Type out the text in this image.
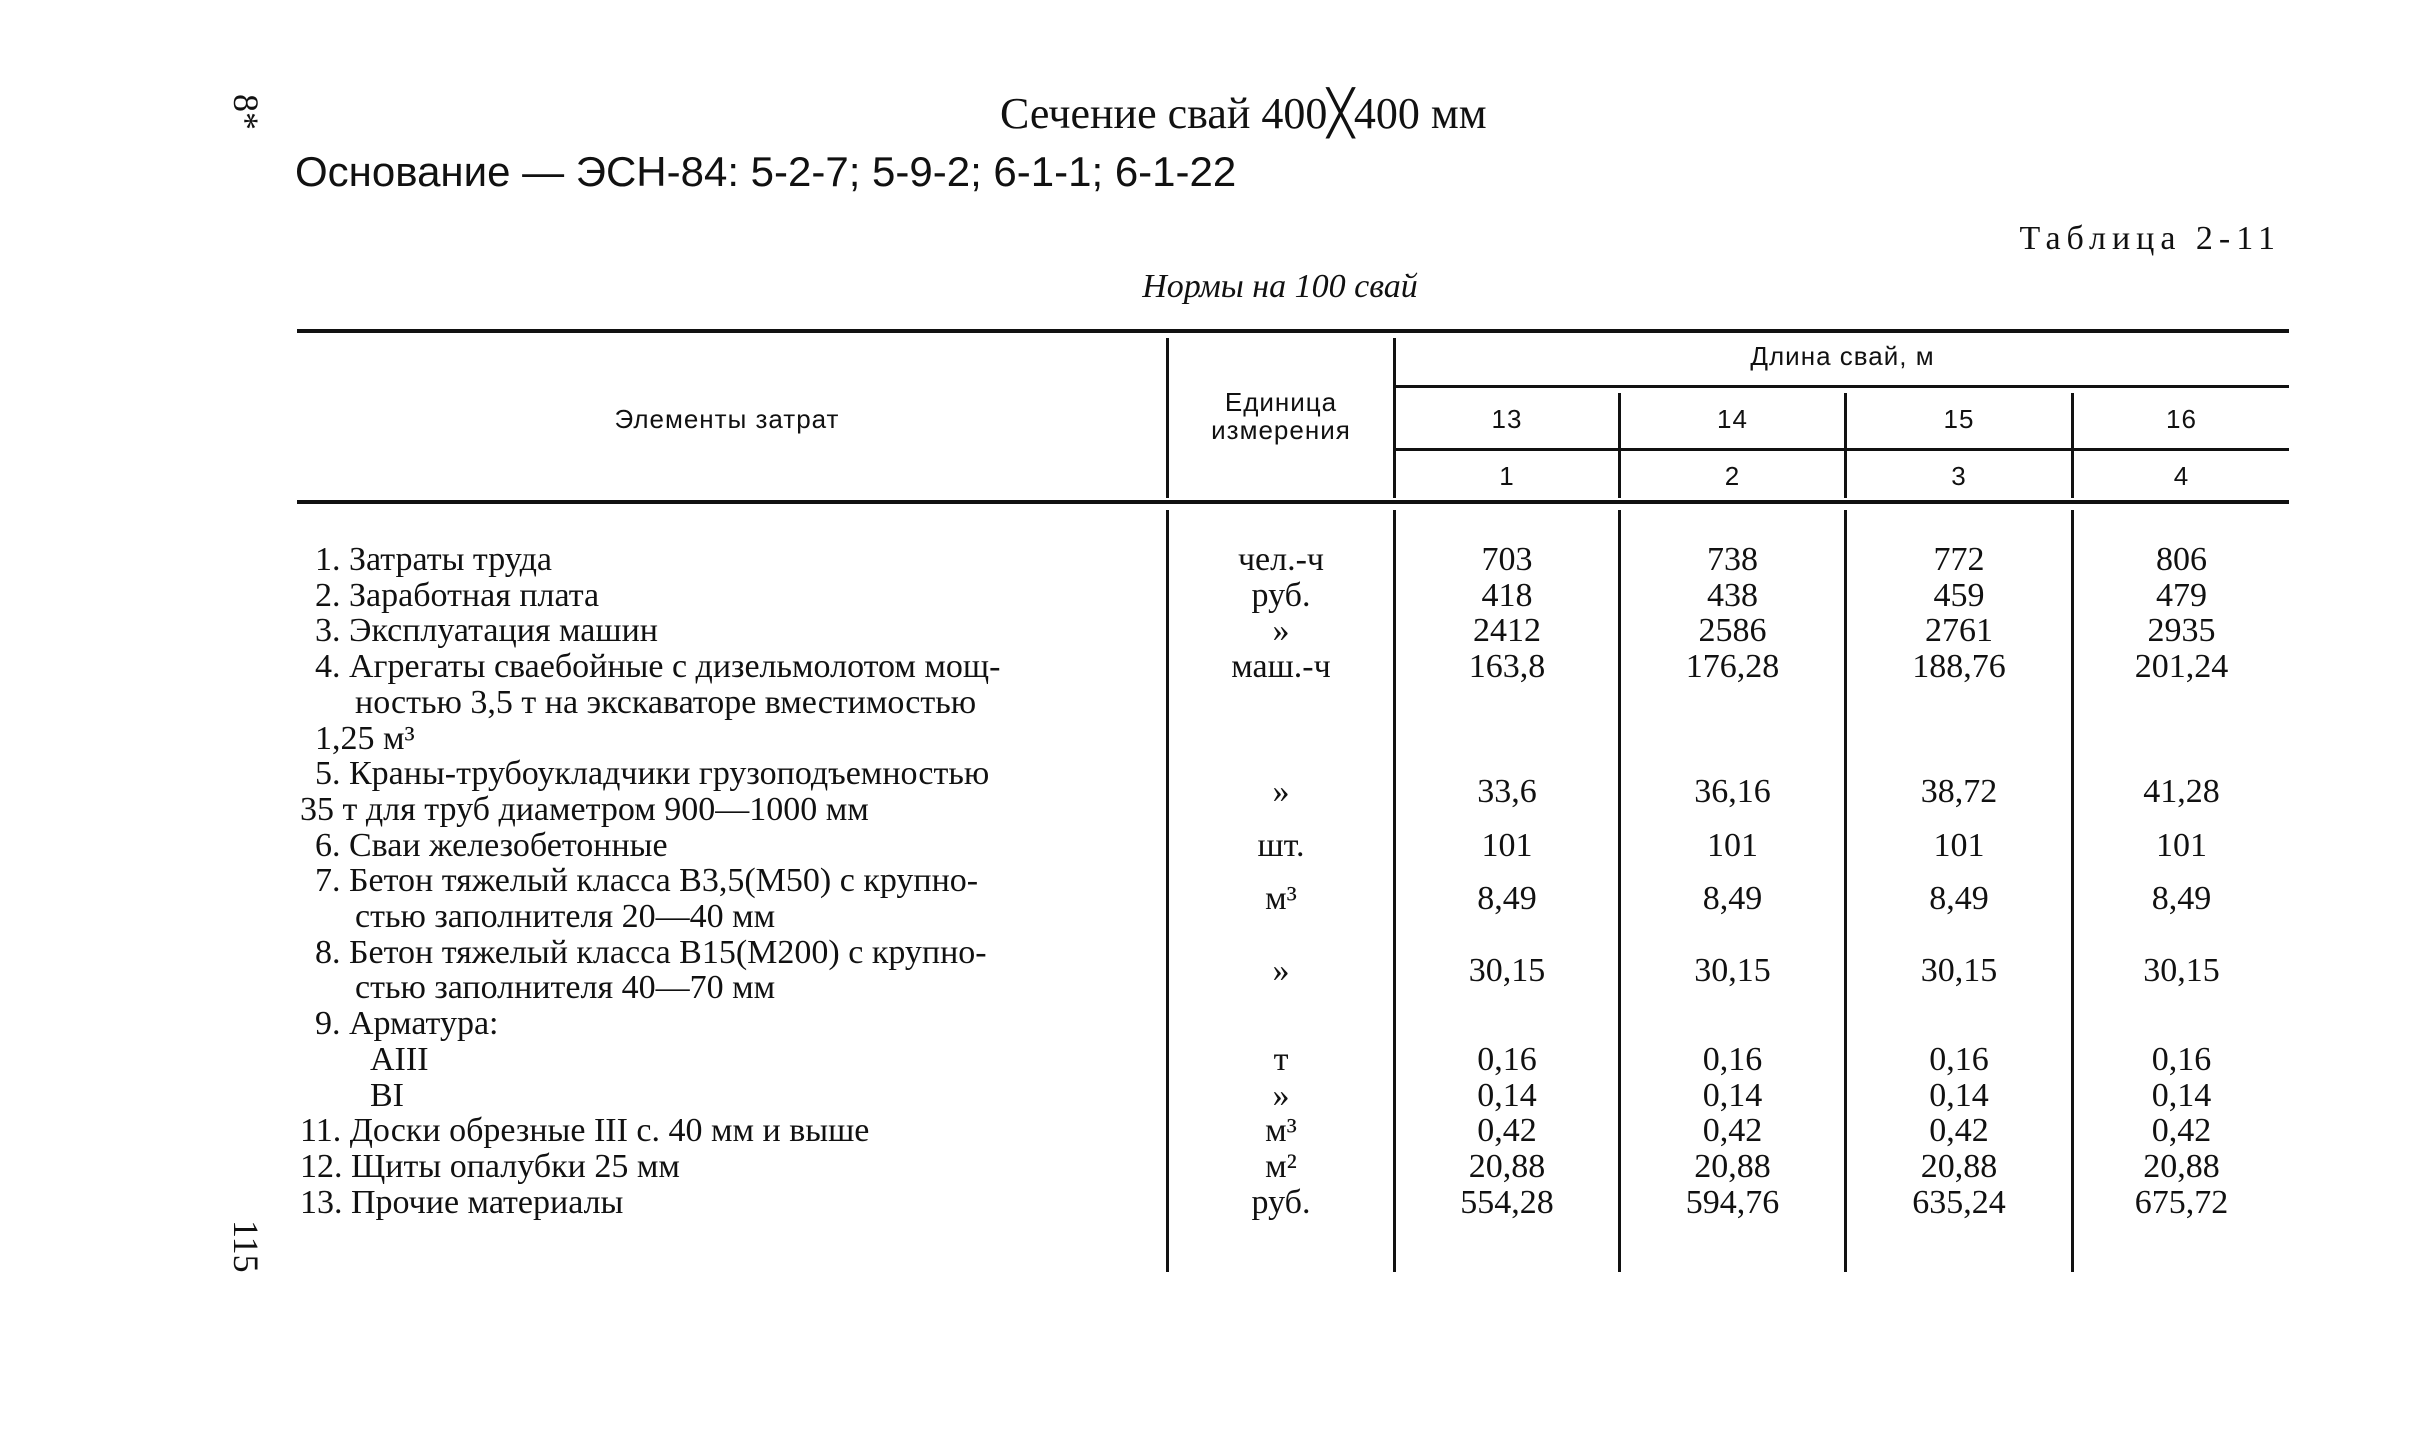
8*
115
Сечение свай 400╳400 мм
Основание — ЭСН-84: 5-2-7; 5-9-2; 6-1-1; 6-1-22
Таблица 2-11
Нормы на 100 свай
Элементы затрат
Единица
измерения
Длина свай, м
13	14	15	16
1	2	3	4
1. Затраты труда	чел.-ч	703	738	772	806
2. Заработная плата	руб.	418	438	459	479
3. Эксплуатация машин	»	2412	2586	2761	2935
4. Агрегаты сваебойные с дизельмолотом мощ-
ностью 3,5 т на экскаваторе вместимостью
1,25 м³
маш.-ч	163,8	176,28	188,76	201,24
5. Краны-трубоукладчики грузоподъемностью
35 т для труб диаметром 900—1000 мм	»	33,6	36,16	38,72	41,28
6. Сваи железобетонные	шт.	101	101	101	101
7. Бетон тяжелый класса В3,5(М50) с крупно-
стью заполнителя 20—40 мм	м³	8,49	8,49	8,49	8,49
8. Бетон тяжелый класса В15(М200) с крупно-
стью заполнителя 40—70 мм	»	30,15	30,15	30,15	30,15
9. Арматура:
AIII	т	0,16	0,16	0,16	0,16
BI	»	0,14	0,14	0,14	0,14
11. Доски обрезные III с. 40 мм и выше	м³	0,42	0,42	0,42	0,42
12. Щиты опалубки 25 мм	м²	20,88	20,88	20,88	20,88
13. Прочие материалы	руб.	554,28	594,76	635,24	675,72
